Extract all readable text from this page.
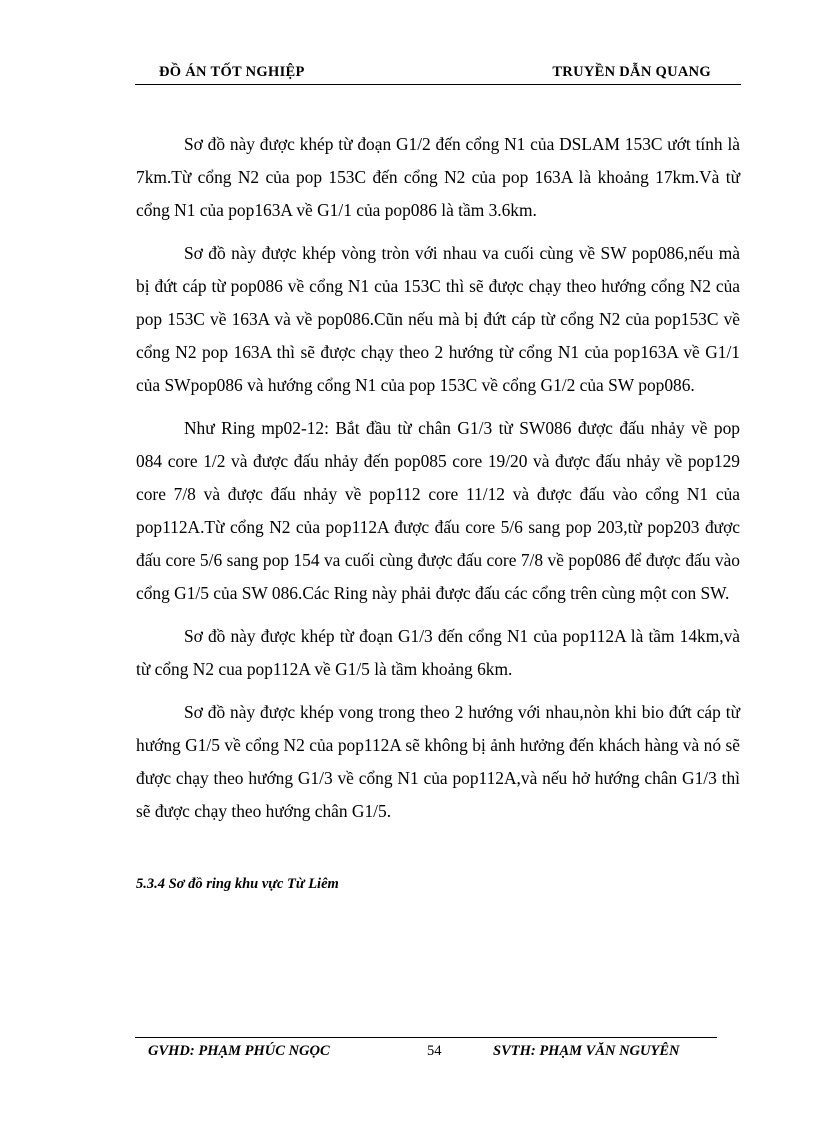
ĐỒ ÁN TỐT NGHIỆP	TRUYỀN DẪN QUANG

Sơ đồ này được khép từ đoạn G1/2 đến cổng N1 của DSLAM 153C ướt tính là 7km.Từ cổng N2 của pop 153C đến cổng N2 của pop 163A là khoảng 17km.Và từ cổng N1 của pop163A về G1/1 của pop086 là tầm 3.6km.

Sơ đồ này được khép vòng tròn với nhau va cuối cùng về SW pop086,nếu mà bị đứt cáp từ pop086 về cổng N1 của 153C thì sẽ được chạy theo hướng cổng N2 của pop 153C về 163A và về pop086.Cũn nếu mà bị đứt cáp từ cổng N2 của pop153C về cổng N2 pop 163A thì sẽ được chạy theo 2 hướng từ cổng N1 của pop163A về G1/1 của SWpop086 và hướng cổng N1 của pop 153C về cổng G1/2 của SW pop086.

Như Ring mp02-12: Bắt đầu từ chân G1/3 từ SW086 được đấu nhảy về pop 084 core 1/2 và được đấu nhảy đến pop085 core 19/20 và được đấu nhảy về pop129 core 7/8 và được đấu nhảy về pop112 core 11/12 và được đấu vào cổng N1 của pop112A.Từ cổng N2 của pop112A được đấu core 5/6 sang pop 203,từ pop203 được đấu core 5/6 sang pop 154 va cuối cùng được đấu core 7/8 về pop086 để được đấu vào cổng G1/5 của SW 086.Các Ring này phải được đấu các cổng trên cùng một con SW.

Sơ đồ này được khép từ đoạn G1/3 đến cổng N1 của pop112A là tầm 14km,và từ cổng N2 cua pop112A về G1/5 là tầm khoảng 6km.

Sơ đồ này được khép vong trong theo 2 hướng với nhau,nòn khi bio đứt cáp từ hướng G1/5 về cổng N2 của pop112A sẽ không bị ảnh hưởng đến khách hàng và nó sẽ được chạy theo hướng G1/3 về cổng N1 của pop112A,và nếu hở hướng chân G1/3 thì sẽ được chạy theo hướng chân G1/5.

5.3.4 Sơ đồ ring khu vực Từ Liêm
GVHD: PHẠM PHÚC NGỌC	54	SVTH: PHẠM VĂN NGUYÊN
